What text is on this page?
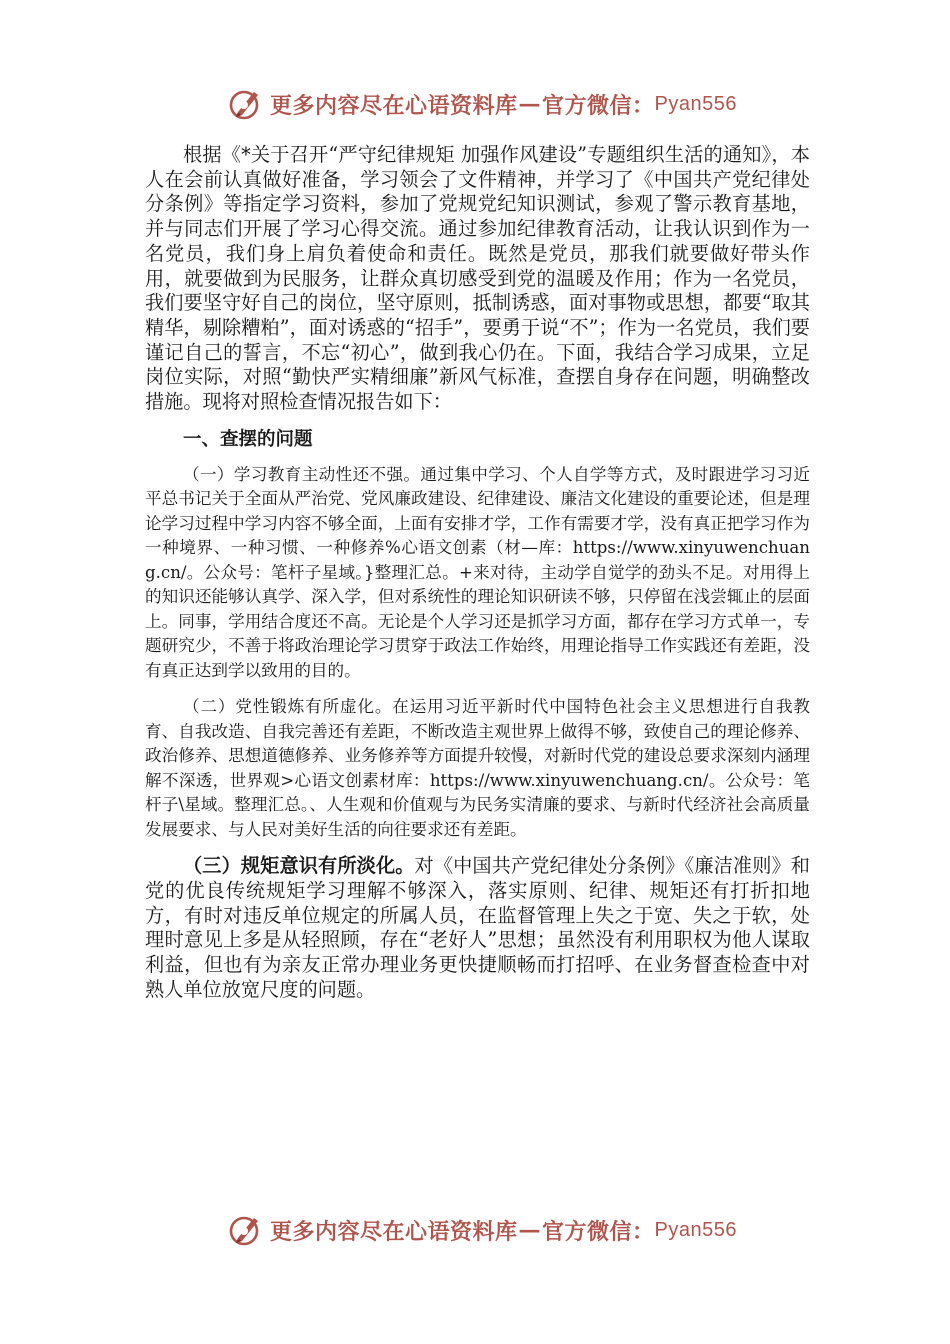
更多内容尽在心语资料库 — 官方微信： Pyan556

根据《*关于召开“严守纪律规矩 加强作风建设”专题组织生活的通知》，本人在会前认真做好准备，学习领会了文件精神，并学习了《中国共产党纪律处分条例》等指定学习资料，参加了党规党纪知识测试，参观了警示教育基地，并与同志们开展了学习心得交流。通过参加纪律教育活动，让我认识到作为一名党员，我们身上肩负着使命和责任。既然是党员，那我们就要做好带头作用，就要做到为民服务，让群众真切感受到党的温暖及作用；作为一名党员，我们要坚守好自己的岗位，坚守原则，抵制诱惑，面对事物或思想，都要“取其精华，剔除糟粕”，面对诱惑的“招手”，要勇于说“不”；作为一名党员，我们要谨记自己的誓言，不忘“初心”，做到我心仍在。下面，我结合学习成果，立足岗位实际，对照“勤快严实精细廉”新风气标准，查摆自身存在问题，明确整改措施。现将对照检查情况报告如下：

一、查摆的问题

（一）学习教育主动性还不强。通过集中学习、个人自学等方式，及时跟进学习习近平总书记关于全面从严治党、党风廉政建设、纪律建设、廉洁文化建设的重要论述，但是理论学习过程中学习内容不够全面，上面有安排才学，工作有需要才学，没有真正把学习作为一种境界、一种习惯、一种修养%心语文创素（材—库：https://www.xinyuwenchuang.cn/。公众号：笔杆子星域。}整理汇总。+来对待，主动学自觉学的劲头不足。对用得上的知识还能够认真学、深入学，但对系统性的理论知识研读不够，只停留在浅尝辄止的层面上。同事，学用结合度还不高。无论是个人学习还是抓学习方面，都存在学习方式单一，专题研究少，不善于将政治理论学习贯穿于政法工作始终，用理论指导工作实践还有差距，没有真正达到学以致用的目的。

（二）党性锻炼有所虚化。在运用习近平新时代中国特色社会主义思想进行自我教育、自我改造、自我完善还有差距，不断改造主观世界上做得不够，致使自己的理论修养、政治修养、思想道德修养、业务修养等方面提升较慢，对新时代党的建设总要求深刻内涵理解不深透，世界观>心语文创素材库：https://www.xinyuwenchuang.cn/。公众号：笔杆子\星域。整理汇总。、人生观和价值观与为民务实清廉的要求、与新时代经济社会高质量发展要求、与人民对美好生活的向往要求还有差距。

（三）规矩意识有所淡化。对《中国共产党纪律处分条例》《廉洁准则》和党的优良传统规矩学习理解不够深入，落实原则、纪律、规矩还有打折扣地方，有时对违反单位规定的所属人员，在监督管理上失之于宽、失之于软，处理时意见上多是从轻照顾，存在“老好人”思想；虽然没有利用职权为他人谋取利益，但也有为亲友正常办理业务更快捷顺畅而打招呼、在业务督查检查中对熟人单位放宽尺度的问题。

更多内容尽在心语资料库 — 官方微信： Pyan556
